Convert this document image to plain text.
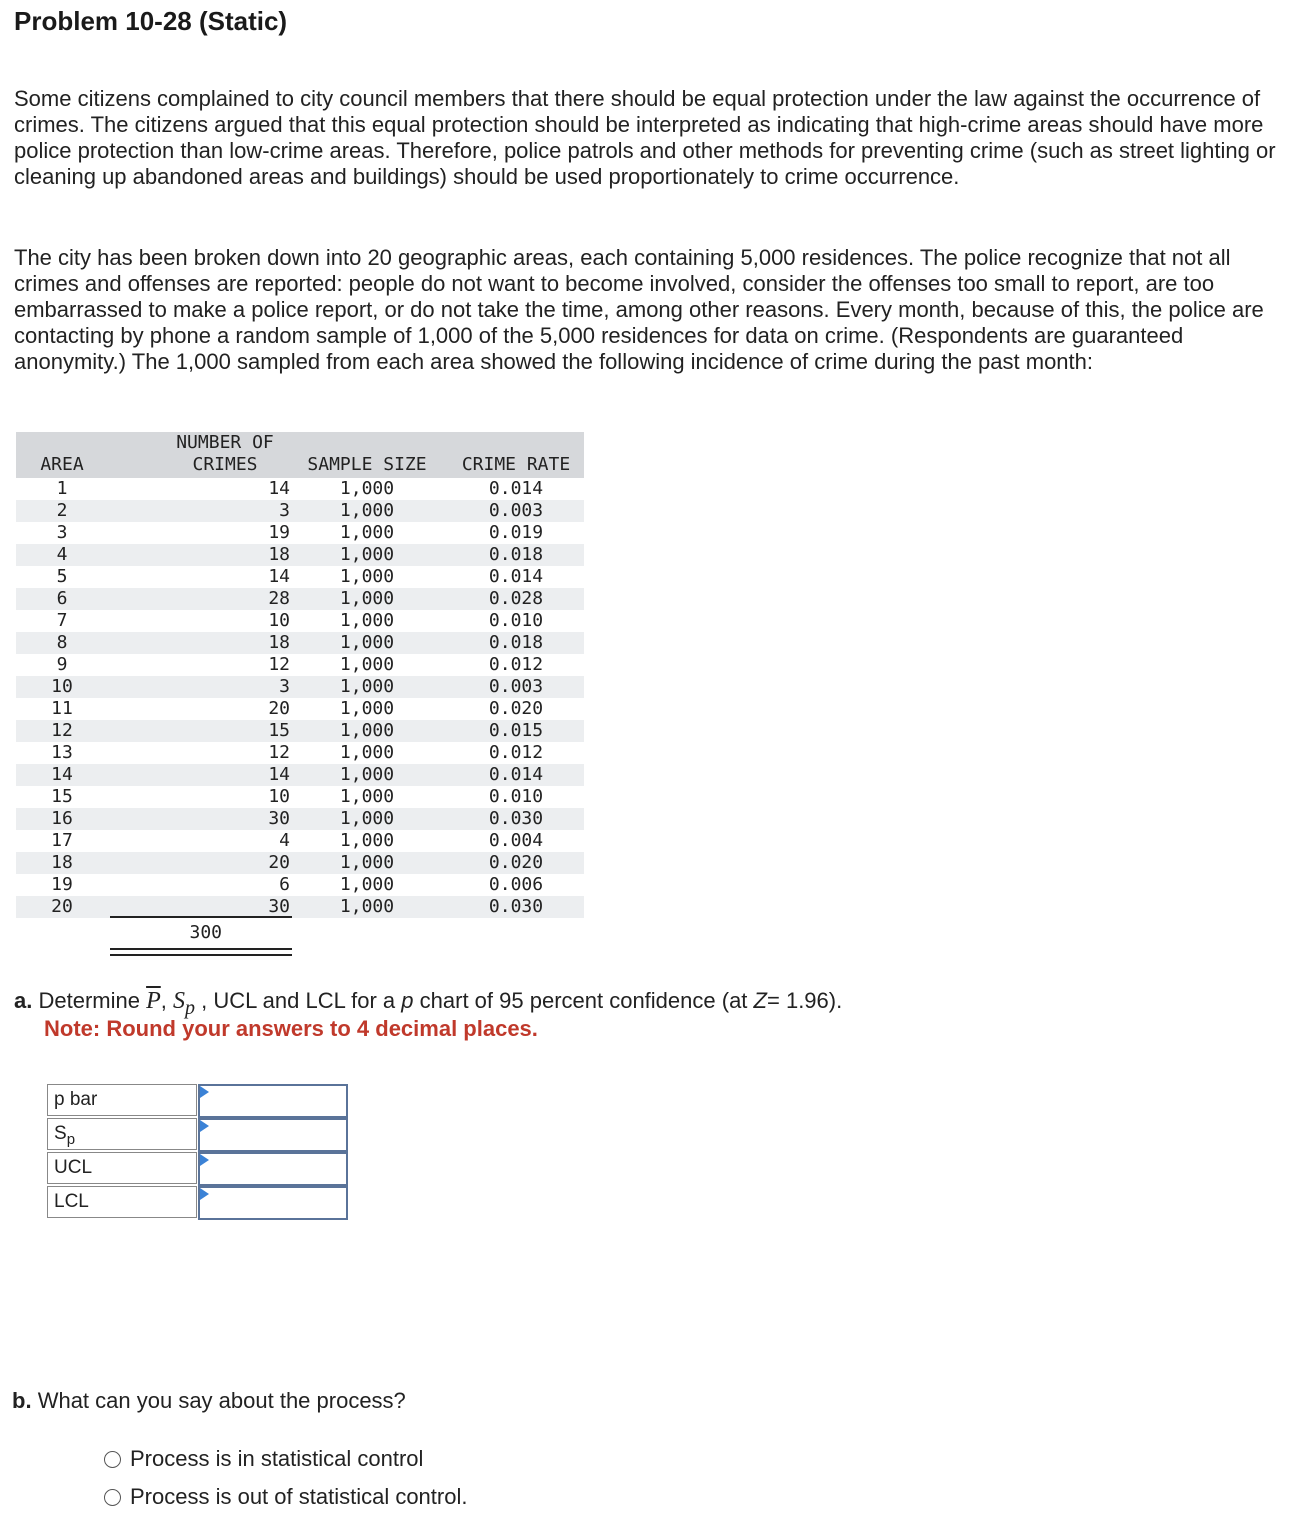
Problem 10-28 (Static)

Some citizens complained to city council members that there should be equal protection under the law against the occurrence of crimes. The citizens argued that this equal protection should be interpreted as indicating that high-crime areas should have more police protection than low-crime areas. Therefore, police patrols and other methods for preventing crime (such as street lighting or cleaning up abandoned areas and buildings) should be used proportionately to crime occurrence.

The city has been broken down into 20 geographic areas, each containing 5,000 residences. The police recognize that not all crimes and offenses are reported: people do not want to become involved, consider the offenses too small to report, are too embarrassed to make a police report, or do not take the time, among other reasons. Every month, because of this, the police are contacting by phone a random sample of 1,000 of the 5,000 residences for data on crime. (Respondents are guaranteed anonymity.) The 1,000 sampled from each area showed the following incidence of crime during the past month:

NUMBER OF
AREA	CRIMES	SAMPLE SIZE	CRIME RATE
1	14	1,000	0.014
2	3	1,000	0.003
3	19	1,000	0.019
4	18	1,000	0.018
5	14	1,000	0.014
6	28	1,000	0.028
7	10	1,000	0.010
8	18	1,000	0.018
9	12	1,000	0.012
10	3	1,000	0.003
11	20	1,000	0.020
12	15	1,000	0.015
13	12	1,000	0.012
14	14	1,000	0.014
15	10	1,000	0.010
16	30	1,000	0.030
17	4	1,000	0.004
18	20	1,000	0.020
19	6	1,000	0.006
20	30	1,000	0.030
300
a. Determine $\overline{P}$, $S_p$ , UCL and LCL for a p chart of 95 percent confidence (at Z= 1.96).
Note: Round your answers to 4 decimal places.
p bar
$S_p$
UCL
LCL
b. What can you say about the process?
Process is in statistical control
Process is out of statistical control.
